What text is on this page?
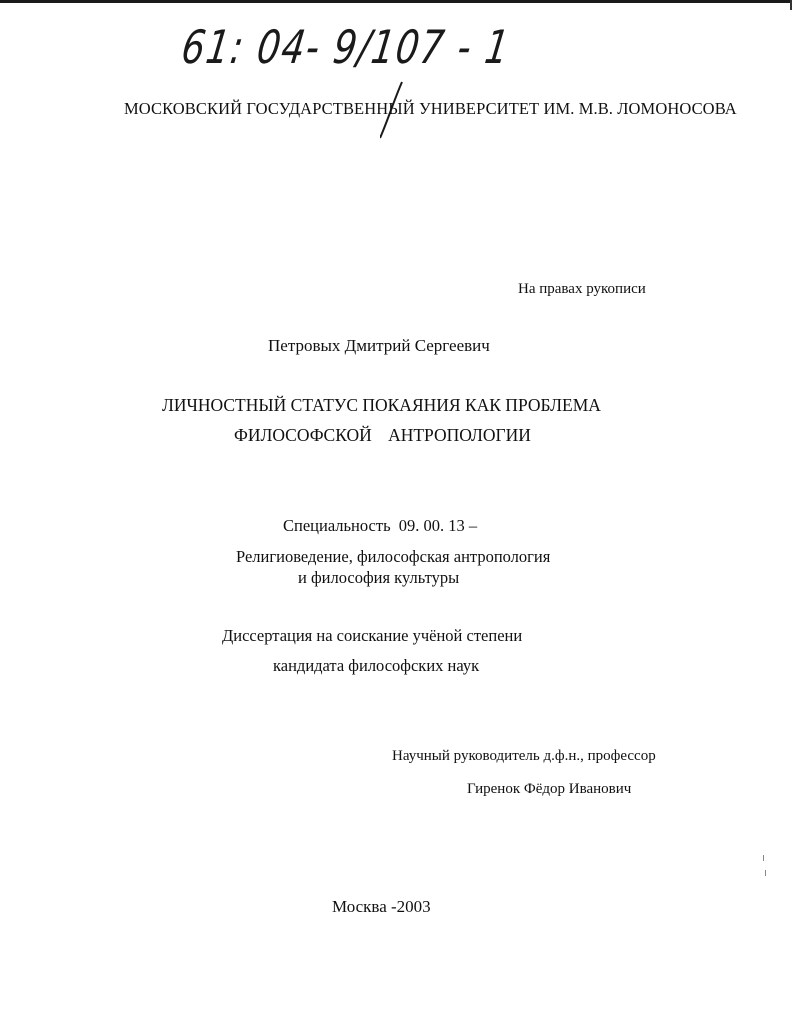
61: 04- 9/107 - 1
МОСКОВСКИЙ ГОСУДАРСТВЕННЫЙ УНИВЕРСИТЕТ ИМ. М.В. ЛОМОНОСОВА
На правах рукописи
Петровых Дмитрий Сергеевич
ЛИЧНОСТНЫЙ СТАТУС ПОКАЯНИЯ КАК ПРОБЛЕМА
ФИЛОСОФСКОЙ АНТРОПОЛОГИИ
Специальность 09. 00. 13 –
Религиоведение, философская антропология
и философия культуры
Диссертация на соискание учёной степени
кандидата философских наук
Научный руководитель д.ф.н., профессор
Гиренок Фёдор Иванович
Москва -2003
